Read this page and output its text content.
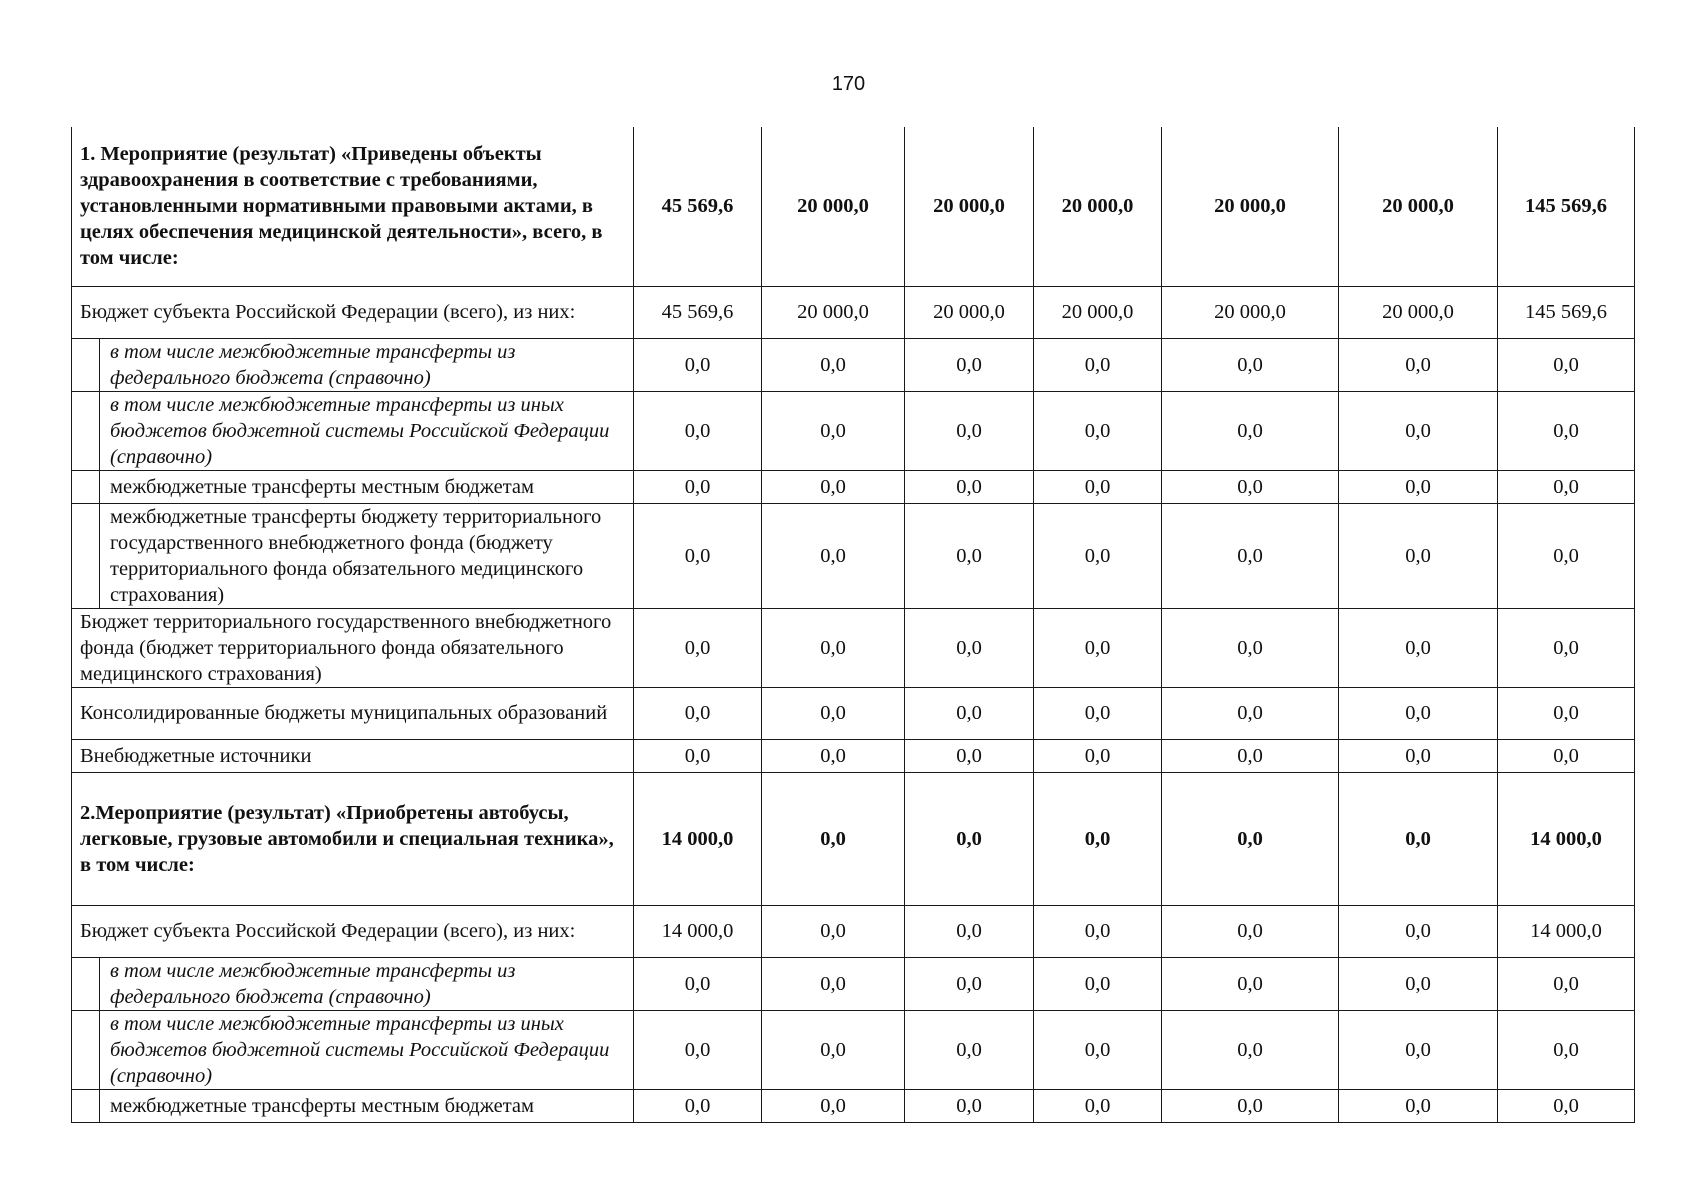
170
1. Мероприятие (результат) «Приведены объекты здравоохранения в соответствие с требованиями, установленными нормативными правовыми актами, в целях обеспечения медицинской деятельности», всего, в том числе:		45 569,6	20 000,0	20 000,0	20 000,0	20 000,0	20 000,0	145 569,6
Бюджет субъекта Российской Федерации (всего), из них:		45 569,6	20 000,0	20 000,0	20 000,0	20 000,0	20 000,0	145 569,6
	в том числе межбюджетные трансферты из федерального бюджета (справочно)	0,0	0,0	0,0	0,0	0,0	0,0	0,0
	в том числе межбюджетные трансферты из иных бюджетов бюджетной системы Российской Федерации (справочно)	0,0	0,0	0,0	0,0	0,0	0,0	0,0
	межбюджетные трансферты местным бюджетам	0,0	0,0	0,0	0,0	0,0	0,0	0,0
	межбюджетные трансферты бюджету территориального государственного внебюджетного фонда (бюджету территориального фонда обязательного медицинского страхования)	0,0	0,0	0,0	0,0	0,0	0,0	0,0
Бюджет территориального государственного внебюджетного фонда (бюджет территориального фонда обязательного медицинского страхования)		0,0	0,0	0,0	0,0	0,0	0,0	0,0
Консолидированные бюджеты муниципальных образований		0,0	0,0	0,0	0,0	0,0	0,0	0,0
Внебюджетные источники		0,0	0,0	0,0	0,0	0,0	0,0	0,0
2.Мероприятие (результат) «Приобретены автобусы, легковые, грузовые автомобили и специальная техника», в том числе:		14 000,0	0,0	0,0	0,0	0,0	0,0	14 000,0
Бюджет субъекта Российской Федерации (всего), из них:		14 000,0	0,0	0,0	0,0	0,0	0,0	14 000,0
	в том числе межбюджетные трансферты из федерального бюджета (справочно)	0,0	0,0	0,0	0,0	0,0	0,0	0,0
	в том числе межбюджетные трансферты из иных бюджетов бюджетной системы Российской Федерации (справочно)	0,0	0,0	0,0	0,0	0,0	0,0	0,0
	межбюджетные трансферты местным бюджетам	0,0	0,0	0,0	0,0	0,0	0,0	0,0
